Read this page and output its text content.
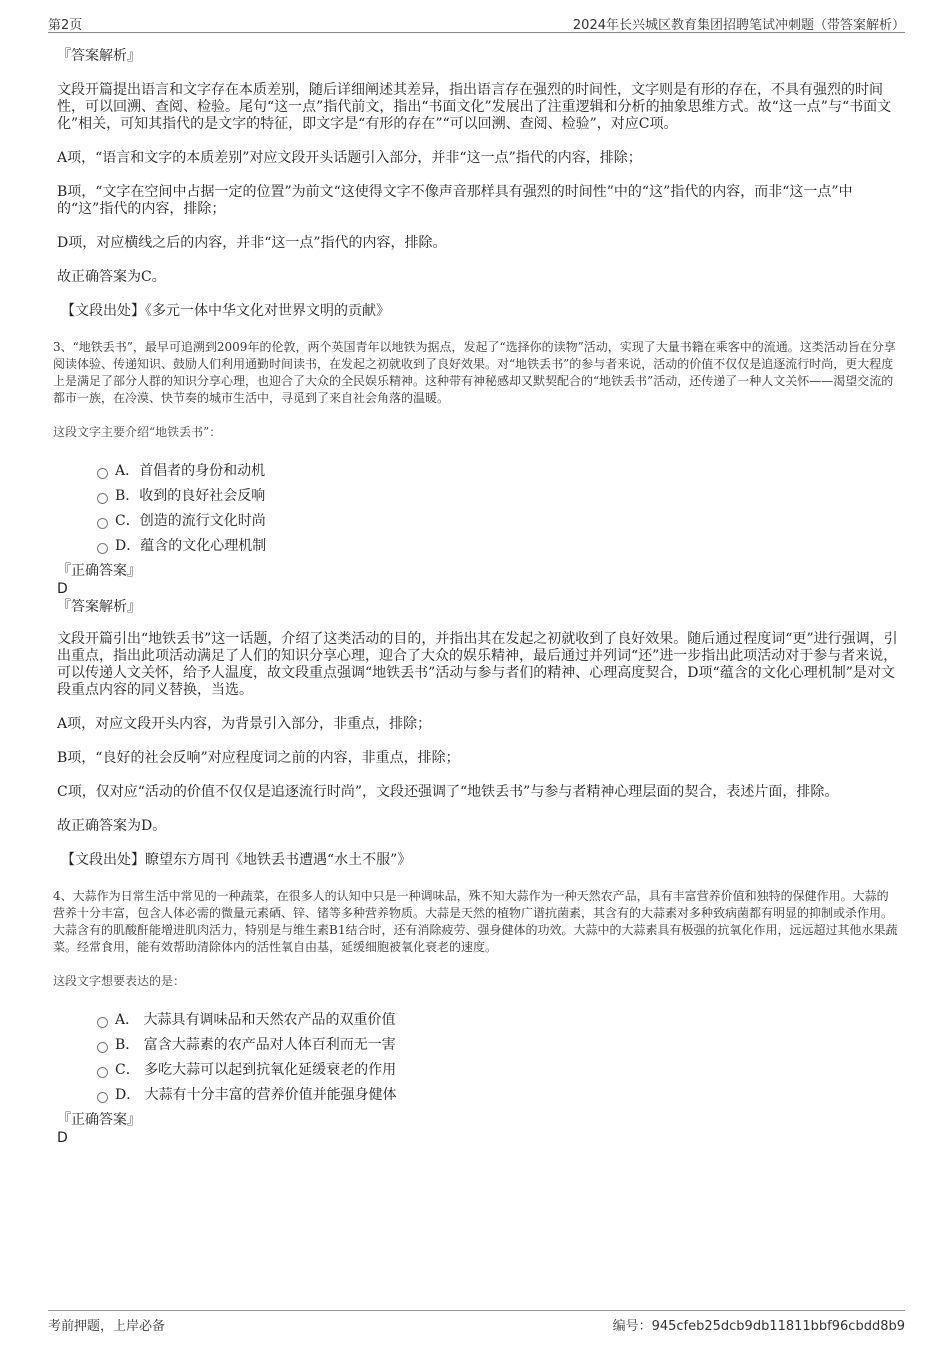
第2页	2024年长兴城区教育集团招聘笔试冲刺题（带答案解析）

『答案解析』

文段开篇提出语言和文字存在本质差别，随后详细阐述其差异，指出语言存在强烈的时间性，文字则是有形的存在，不具有强烈的时间性，可以回溯、查阅、检验。尾句“这一点”指代前文，指出“书面文化”发展出了注重逻辑和分析的抽象思维方式。故“这一点”与“书面文化”相关，可知其指代的是文字的特征，即文字是“有形的存在”“可以回溯、查阅、检验”，对应C项。

A项，“语言和文字的本质差别”对应文段开头话题引入部分，并非“这一点”指代的内容，排除；

B项，“文字在空间中占据一定的位置”为前文“这使得文字不像声音那样具有强烈的时间性”中的“这”指代的内容，而非“这一点”中的“这”指代的内容，排除；

D项，对应横线之后的内容，并非“这一点”指代的内容，排除。

故正确答案为C。

【文段出处】《多元一体中华文化对世界文明的贡献》

3、“地铁丢书”，最早可追溯到2009年的伦敦，两个英国青年以地铁为据点，发起了“选择你的读物”活动，实现了大量书籍在乘客中的流通。这类活动旨在分享阅读体验、传递知识、鼓励人们利用通勤时间读书，在发起之初就收到了良好效果。对“地铁丢书”的参与者来说，活动的价值不仅仅是追逐流行时尚，更大程度上是满足了部分人群的知识分享心理，也迎合了大众的全民娱乐精神。这种带有神秘感却又默契配合的“地铁丢书”活动，还传递了一种人文关怀——渴望交流的都市一族，在冷漠、快节奏的城市生活中，寻觅到了来自社会角落的温暖。

这段文字主要介绍“地铁丢书”：

A．首倡者的身份和动机
B．收到的良好社会反响
C．创造的流行文化时尚
D．蕴含的文化心理机制

『正确答案』

D

『答案解析』

文段开篇引出“地铁丢书”这一话题，介绍了这类活动的目的，并指出其在发起之初就收到了良好效果。随后通过程度词“更”进行强调，引出重点，指出此项活动满足了人们的知识分享心理，迎合了大众的娱乐精神，最后通过并列词“还”进一步指出此项活动对于参与者来说，可以传递人文关怀，给予人温度，故文段重点强调“地铁丢书”活动与参与者们的精神、心理高度契合，D项“蕴含的文化心理机制”是对文段重点内容的同义替换，当选。

A项，对应文段开头内容，为背景引入部分，非重点，排除；

B项，“良好的社会反响”对应程度词之前的内容，非重点，排除；

C项，仅对应“活动的价值不仅仅是追逐流行时尚”，文段还强调了“地铁丢书”与参与者精神心理层面的契合，表述片面，排除。

故正确答案为D。

【文段出处】瞭望东方周刊《地铁丢书遭遇“水土不服”》

4、大蒜作为日常生活中常见的一种蔬菜，在很多人的认知中只是一种调味品，殊不知大蒜作为一种天然农产品，具有丰富营养价值和独特的保健作用。大蒜的营养十分丰富，包含人体必需的微量元素硒、锌、锗等多种营养物质。大蒜是天然的植物广谱抗菌素，其含有的大蒜素对多种致病菌都有明显的抑制或杀作用。大蒜含有的肌酸酐能增进肌肉活力，特别是与维生素B1结合时，还有消除疲劳、强身健体的功效。大蒜中的大蒜素具有极强的抗氧化作用，远远超过其他水果蔬菜。经常食用，能有效帮助清除体内的活性氧自由基，延缓细胞被氧化衰老的速度。

这段文字想要表达的是：

A． 大蒜具有调味品和天然农产品的双重价值
B． 富含大蒜素的农产品对人体百利而无一害
C． 多吃大蒜可以起到抗氧化延缓衰老的作用
D． 大蒜有十分丰富的营养价值并能强身健体

『正确答案』

D

考前押题，上岸必备	编号：945cfeb25dcb9db11811bbf96cbdd8b9
